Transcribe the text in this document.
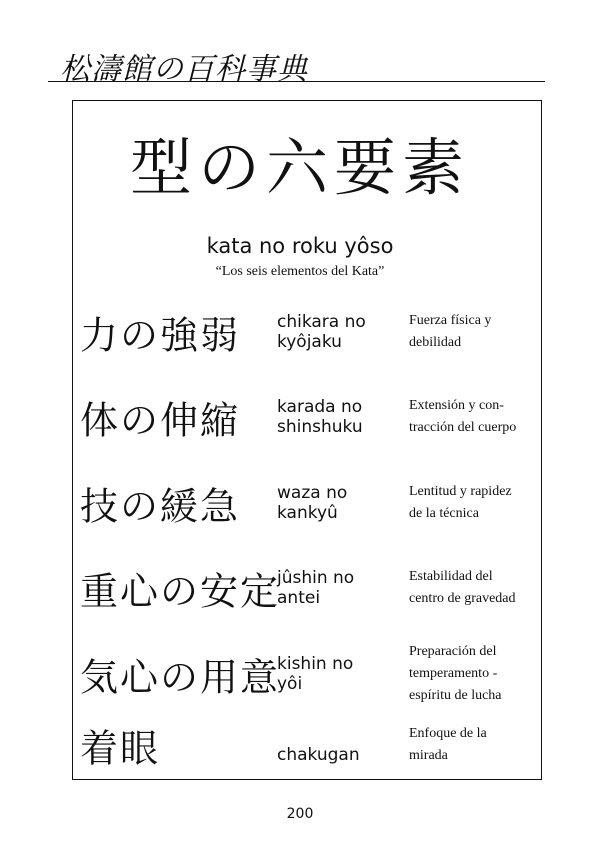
松濤館の百科事典
型の六要素
kata no roku yôso
“Los seis elementos del Kata”
力の強弱 chikara no
kyôjaku
Fuerza física y
debilidad
体の伸縮 karada no
shinshuku
Extensión y con-
tracción del cuerpo
技の緩急 waza no
kankyû
Lentitud y rapidez
de la técnica
重心の安定
jûshin no
antei
Estabilidad del
centro de gravedad
気心の用意
kishin no
yôi
Preparación del
temperamento -
espíritu de lucha
着眼	chakugan
Enfoque de la
mirada
200
